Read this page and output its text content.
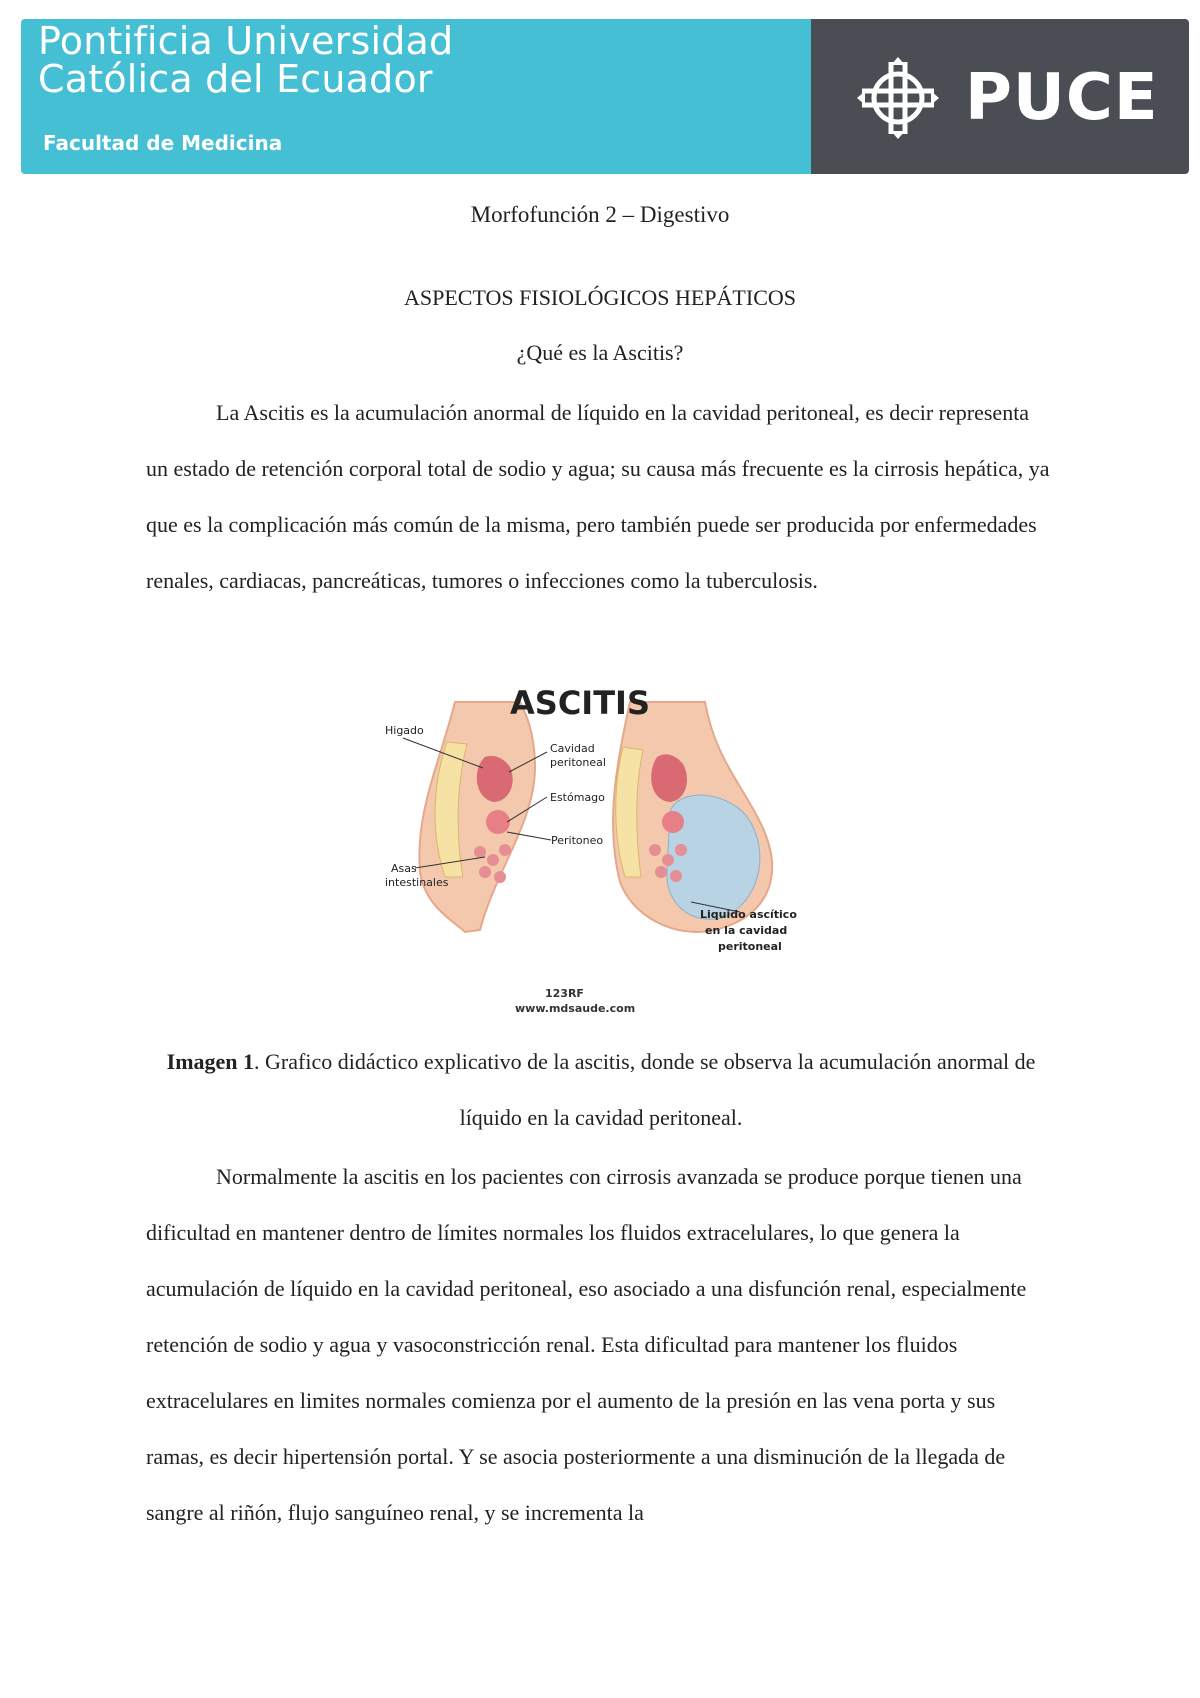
Pontificia Universidad
Católica del Ecuador
Facultad de Medicina
PUCE
Morfofunción 2 – Digestivo
ASPECTOS FISIOLÓGICOS HEPÁTICOS
¿Qué es la Ascitis?

La Ascitis es la acumulación anormal de líquido en la cavidad peritoneal, es decir representa un estado de retención corporal total de sodio y agua; su causa más frecuente es la cirrosis hepática, ya que es la complicación más común de la misma, pero también puede ser producida por enfermedades renales, cardiacas, pancreáticas, tumores o infecciones como la tuberculosis.

ASCITIS
Higado
Cavidad
peritoneal
Estómago
Peritoneo
Asas
intestinales
Liquido ascítico
en la cavidad
peritoneal
123RF
www.mdsaude.com
Imagen 1. Grafico didáctico explicativo de la ascitis, donde se observa la acumulación anormal de líquido en la cavidad peritoneal.

Normalmente la ascitis en los pacientes con cirrosis avanzada se produce porque tienen una dificultad en mantener dentro de límites normales los fluidos extracelulares, lo que genera la acumulación de líquido en la cavidad peritoneal, eso asociado a una disfunción renal, especialmente retención de sodio y agua y vasoconstricción renal. Esta dificultad para mantener los fluidos extracelulares en limites normales comienza por el aumento de la presión en las vena porta y sus ramas, es decir hipertensión portal. Y se asocia posteriormente a una disminución de la llegada de sangre al riñón, flujo sanguíneo renal, y se incrementa la
